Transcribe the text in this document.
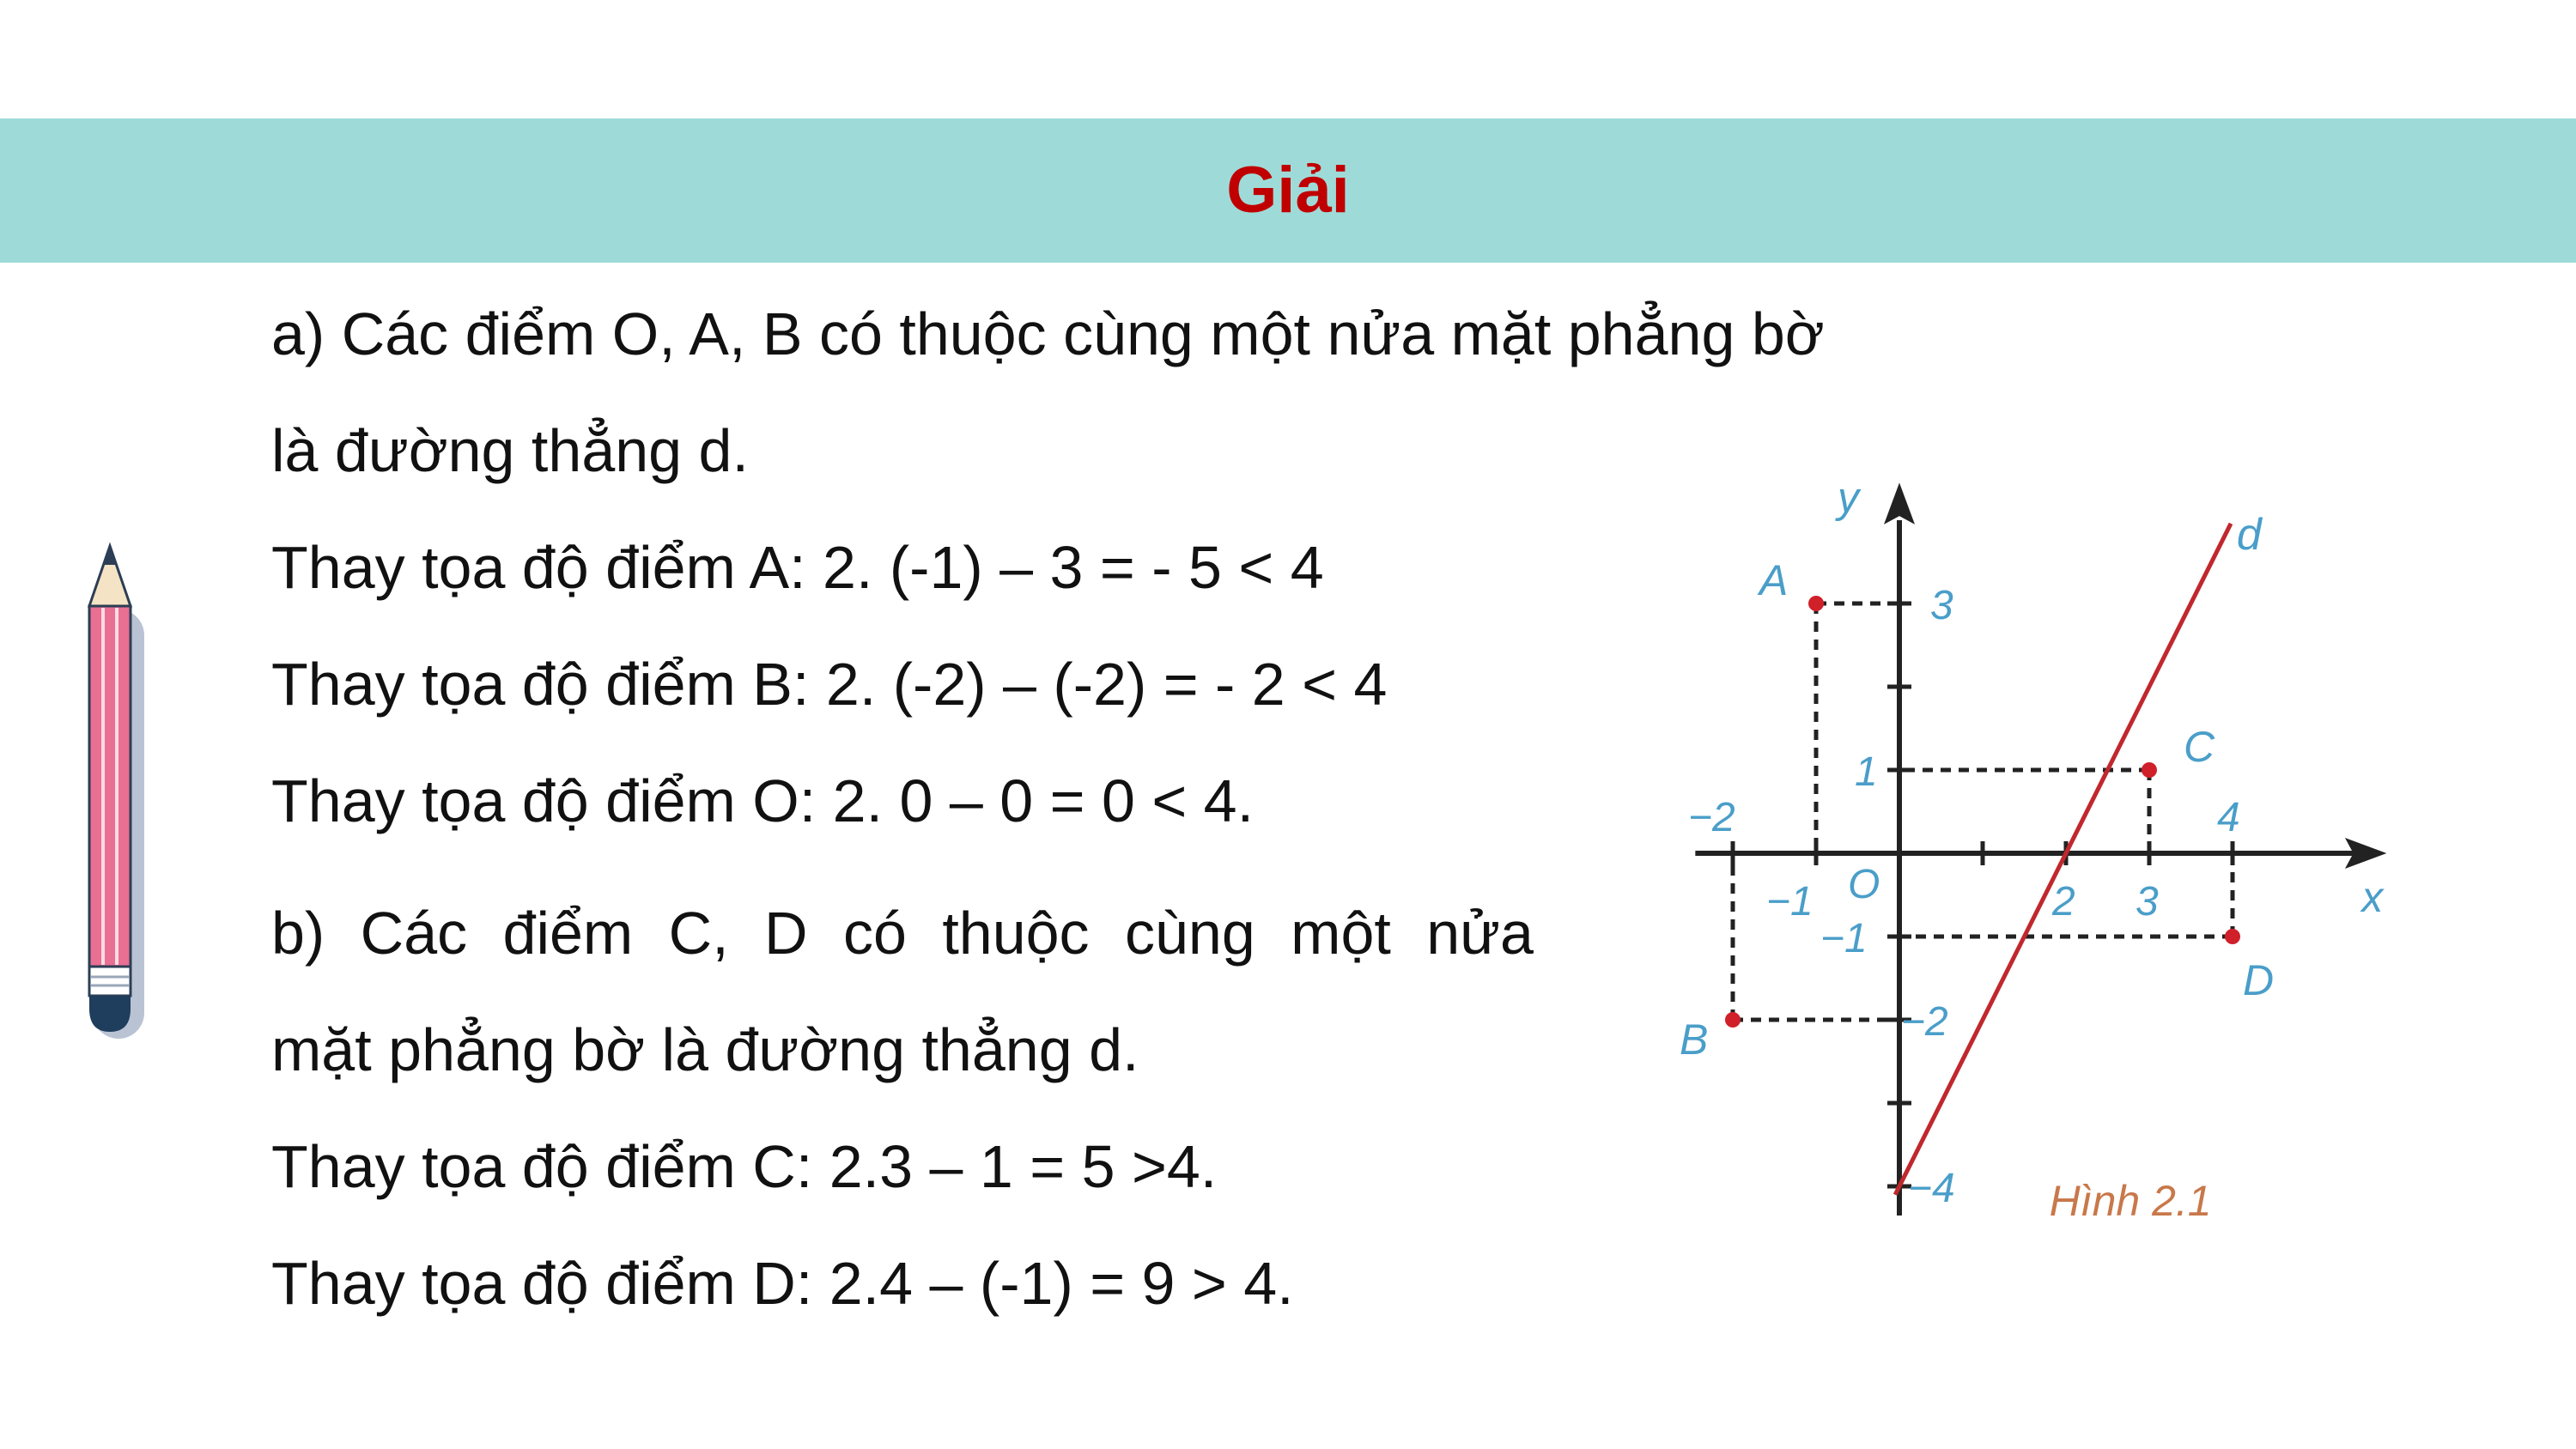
Giải
a) Các điểm O, A, B có thuộc cùng một nửa mặt phẳng bờ
là đường thẳng d.
Thay tọa độ điểm A: 2. (-1) – 3 = - 5 < 4
Thay tọa độ điểm B: 2. (-2) – (-2) = - 2 < 4
Thay tọa độ điểm O: 2. 0 – 0 = 0 < 4.
b) Các điểm C, D có thuộc cùng một nửa
mặt phẳng bờ là đường thẳng d.
Thay tọa độ điểm C: 2.3 – 1 = 5 >4.
Thay tọa độ điểm D: 2.4 – (-1) = 9 > 4.
y
x
d
O
−2
−1	2 3
4
3
1
−1
−2
−4
A
B
C
D
Hình 2.1
